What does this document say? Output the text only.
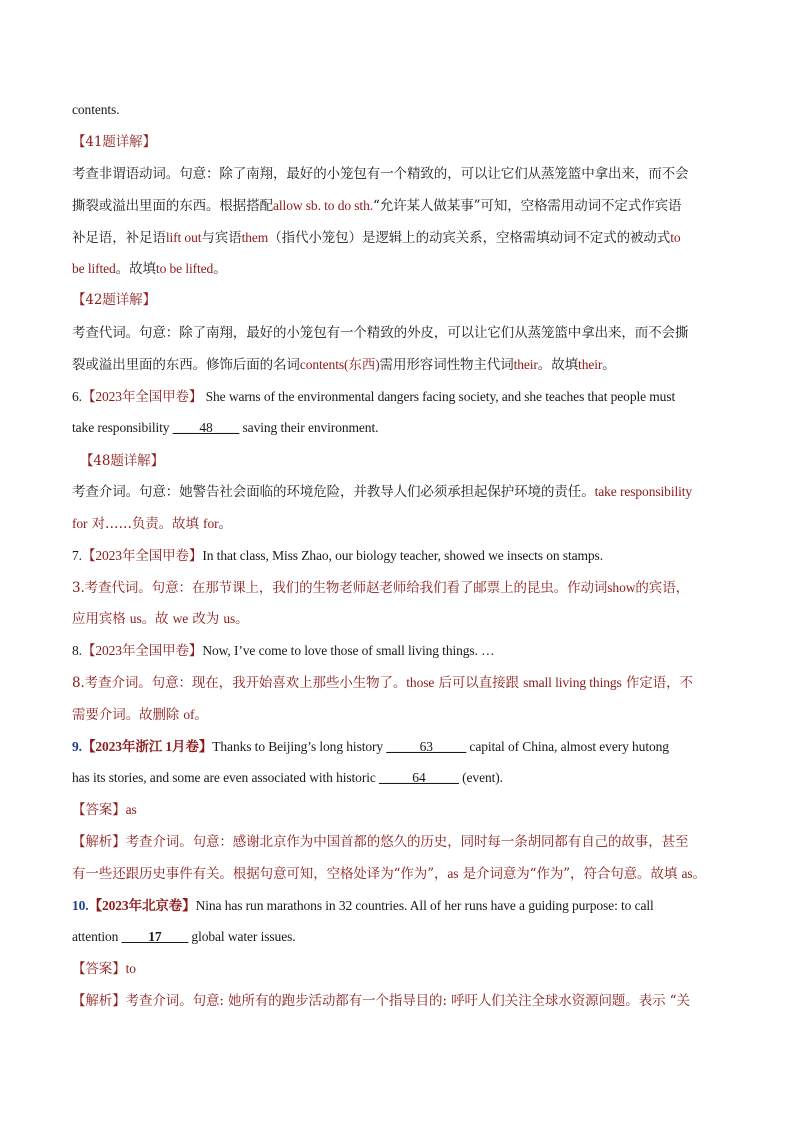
contents.
【41题详解】
考查非谓语动词。句意：除了南翔，最好的小笼包有一个精致的，可以让它们从蒸笼篮中拿出来，而不会
撕裂或溢出里面的东西。根据搭配allow sb. to do sth.“允许某人做某事”可知，空格需用动词不定式作宾语
补足语，补足语lift out与宾语them（指代小笼包）是逻辑上的动宾关系，空格需填动词不定式的被动式to
be lifted。故填to be lifted。
【42题详解】
考查代词。句意：除了南翔，最好的小笼包有一个精致的外皮，可以让它们从蒸笼篮中拿出来，而不会撕
裂或溢出里面的东西。修饰后面的名词contents(东西)需用形容词性物主代词their。故填their。
6.【2023年全国甲卷】 She warns of the environmental dangers facing society, and she teaches that people must
take responsibility ____48____ saving their environment.
【48题详解】
考查介词。句意：她警告社会面临的环境危险，并教导人们必须承担起保护环境的责任。take responsibility
for 对……负责。故填 for。
7.【2023年全国甲卷】In that class, Miss Zhao, our biology teacher, showed we insects on stamps.
3.考查代词。句意：在那节课上，我们的生物老师赵老师给我们看了邮票上的昆虫。作动词show的宾语，
应用宾格 us。故 we 改为 us。
8.【2023年全国甲卷】Now, I’ve come to love those of small living things. …
8.考查介词。句意：现在，我开始喜欢上那些小生物了。those 后可以直接跟 small living things 作定语，不
需要介词。故删除 of。
9.【2023年浙江 1月卷】Thanks to Beijing’s long history _____63_____ capital of China, almost every hutong
has its stories, and some are even associated with historic _____64_____ (event).
【答案】as
【解析】考查介词。句意：感谢北京作为中国首都的悠久的历史，同时每一条胡同都有自己的故事，甚至
有一些还跟历史事件有关。根据句意可知，空格处译为“作为”，as 是介词意为“作为”，符合句意。故填 as。
10.【2023年北京卷】Nina has run marathons in 32 countries. All of her runs have a guiding purpose: to call
attention ____17____ global water issues.
【答案】to
【解析】考查介词。句意: 她所有的跑步活动都有一个指导目的: 呼吁人们关注全球水资源问题。表示 “关
